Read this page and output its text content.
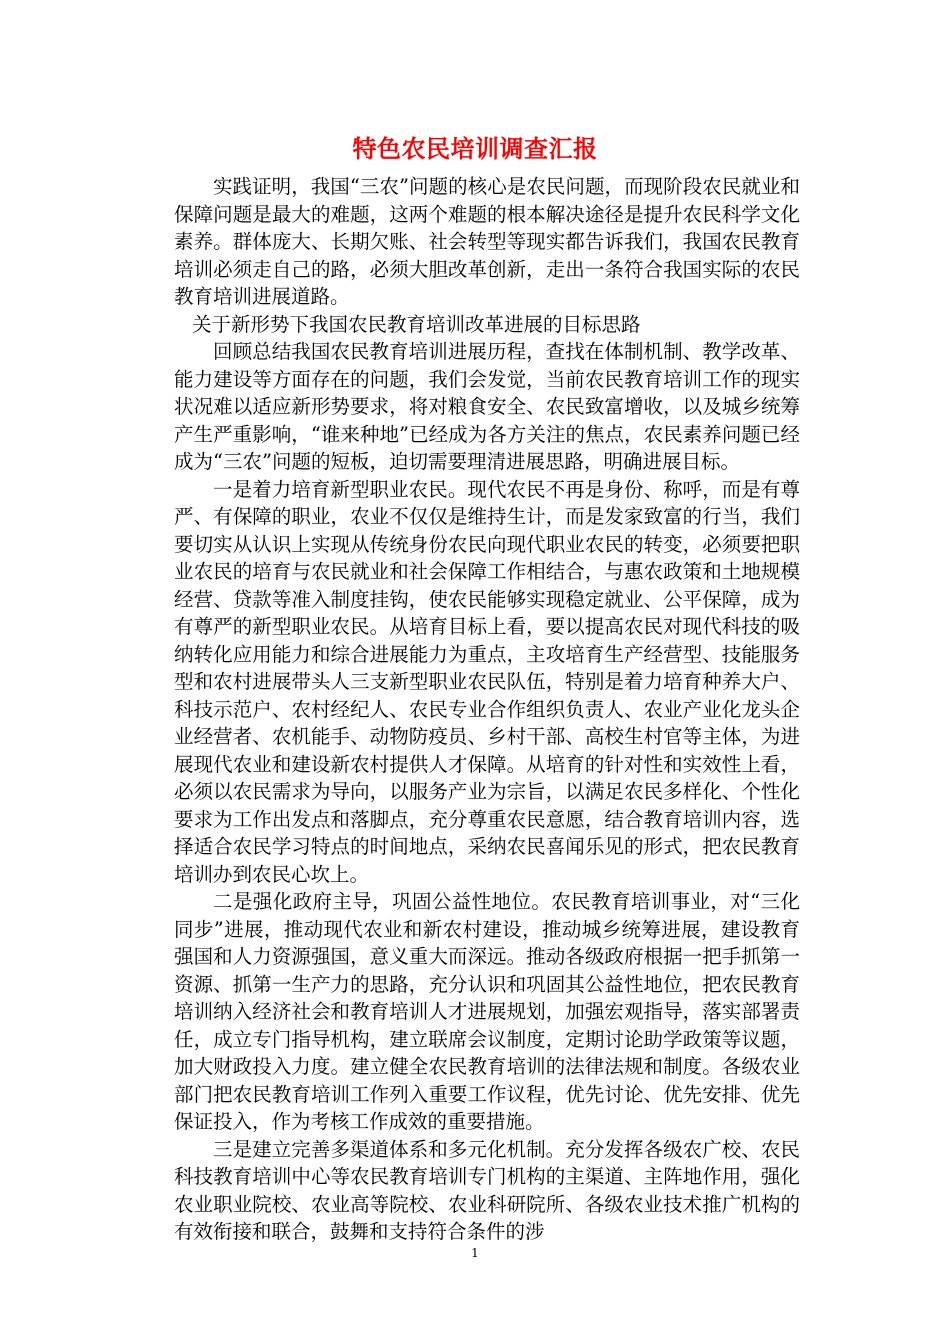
特色农民培训调查汇报

实践证明，我国“三农”问题的核心是农民问题，而现阶段农民就业和保障问题是最大的难题，这两个难题的根本解决途径是提升农民科学文化素养。群体庞大、长期欠账、社会转型等现实都告诉我们，我国农民教育培训必须走自己的路，必须大胆改革创新，走出一条符合我国实际的农民教育培训进展道路。

关于新形势下我国农民教育培训改革进展的目标思路

回顾总结我国农民教育培训进展历程，查找在体制机制、教学改革、能力建设等方面存在的问题，我们会发觉，当前农民教育培训工作的现实状况难以适应新形势要求，将对粮食安全、农民致富增收，以及城乡统筹产生严重影响，“谁来种地”已经成为各方关注的焦点，农民素养问题已经成为“三农”问题的短板，迫切需要理清进展思路，明确进展目标。

一是着力培育新型职业农民。现代农民不再是身份、称呼，而是有尊严、有保障的职业，农业不仅仅是维持生计，而是发家致富的行当，我们要切实从认识上实现从传统身份农民向现代职业农民的转变，必须要把职业农民的培育与农民就业和社会保障工作相结合，与惠农政策和土地规模经营、贷款等准入制度挂钩，使农民能够实现稳定就业、公平保障，成为有尊严的新型职业农民。从培育目标上看，要以提高农民对现代科技的吸纳转化应用能力和综合进展能力为重点，主攻培育生产经营型、技能服务型和农村进展带头人三支新型职业农民队伍，特别是着力培育种养大户、科技示范户、农村经纪人、农民专业合作组织负责人、农业产业化龙头企业经营者、农机能手、动物防疫员、乡村干部、高校生村官等主体，为进展现代农业和建设新农村提供人才保障。从培育的针对性和实效性上看，必须以农民需求为导向，以服务产业为宗旨，以满足农民多样化、个性化要求为工作出发点和落脚点，充分尊重农民意愿，结合教育培训内容，选择适合农民学习特点的时间地点，采纳农民喜闻乐见的形式，把农民教育培训办到农民心坎上。

二是强化政府主导，巩固公益性地位。农民教育培训事业，对“三化同步”进展，推动现代农业和新农村建设，推动城乡统筹进展，建设教育强国和人力资源强国，意义重大而深远。推动各级政府根据一把手抓第一资源、抓第一生产力的思路，充分认识和巩固其公益性地位，把农民教育培训纳入经济社会和教育培训人才进展规划，加强宏观指导，落实部署责任，成立专门指导机构，建立联席会议制度，定期讨论助学政策等议题，加大财政投入力度。建立健全农民教育培训的法律法规和制度。各级农业部门把农民教育培训工作列入重要工作议程，优先讨论、优先安排、优先保证投入，作为考核工作成效的重要措施。

三是建立完善多渠道体系和多元化机制。充分发挥各级农广校、农民科技教育培训中心等农民教育培训专门机构的主渠道、主阵地作用，强化农业职业院校、农业高等院校、农业科研院所、各级农业技术推广机构的有效衔接和联合，鼓舞和支持符合条件的涉

1
